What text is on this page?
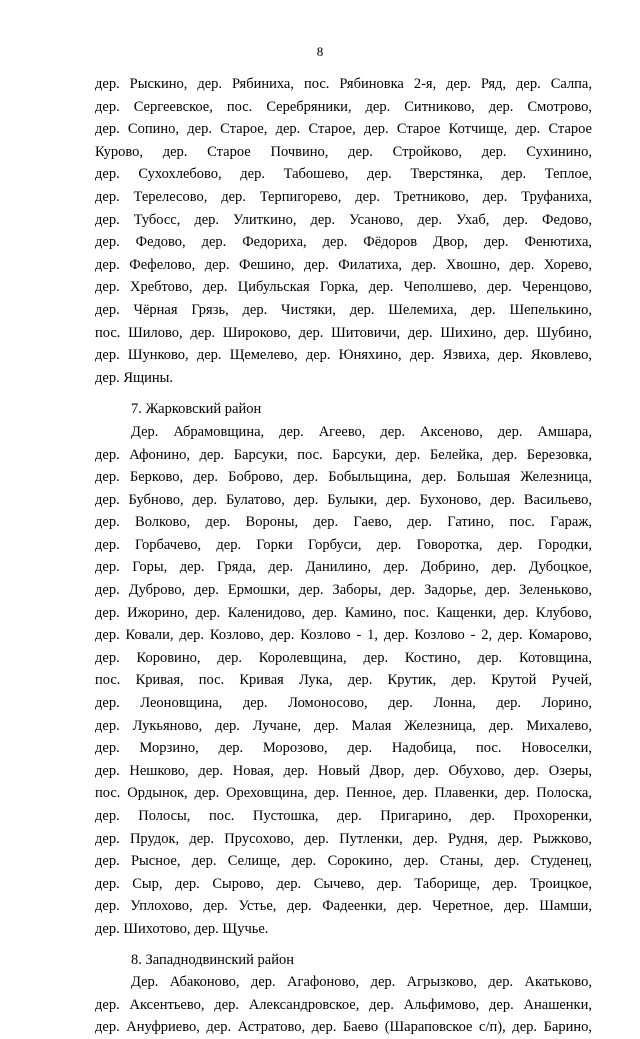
8
дер. Рыскино, дер. Рябиниха, пос. Рябиновка 2-я, дер. Ряд, дер. Салпа,
дер. Сергеевское, пос. Серебряники, дер. Ситниково, дер. Смотрово,
дер. Сопино, дер. Старое, дер. Старое, дер. Старое Котчище, дер. Старое
Курово, дер. Старое Почвино, дер. Стройково, дер. Сухинино,
дер. Сухохлебово, дер. Табошево, дер. Тверстянка, дер. Теплое,
дер. Терелесово, дер. Терпигорево, дер. Третниково, дер. Труфаниха,
дер. Тубосс, дер. Улиткино, дер. Усаново, дер. Ухаб, дер. Федово,
дер. Федово, дер. Федориха, дер. Фёдоров Двор, дер. Фенютиха,
дер. Фефелово, дер. Фешино, дер. Филатиха, дер. Хвошно, дер. Хорево,
дер. Хребтово, дер. Цибульская Горка, дер. Чеполшево, дер. Черенцово,
дер. Чёрная Грязь, дер. Чистяки, дер. Шелемиха, дер. Шепелькино,
пос. Шилово, дер. Широково, дер. Шитовичи, дер. Шихино, дер. Шубино,
дер. Шунково, дер. Щемелево, дер. Юняхино, дер. Язвиха, дер. Яковлево,
дер. Ящины.
7. Жарковский район
Дер. Абрамовщина, дер. Агеево, дер. Аксеново, дер. Амшара,
дер. Афонино, дер. Барсуки, пос. Барсуки, дер. Белейка, дер. Березовка,
дер. Берково, дер. Боброво, дер. Бобыльщина, дер. Большая Железница,
дер. Бубново, дер. Булатово, дер. Булыки, дер. Бухоново, дер. Васильево,
дер. Волково, дер. Вороны, дер. Гаево, дер. Гатино, пос. Гараж,
дер. Горбачево, дер. Горки Горбуси, дер. Говоротка, дер. Городки,
дер. Горы, дер. Гряда, дер. Данилино, дер. Добрино, дер. Дубоцкое,
дер. Дуброво, дер. Ермошки, дер. Заборы, дер. Задорье, дер. Зеленьково,
дер. Ижорино, дер. Каленидово, дер. Камино, пос. Кащенки, дер. Клубово,
дер. Ковали, дер. Козлово, дер. Козлово - 1, дер. Козлово - 2, дер. Комарово,
дер. Коровино, дер. Королевщина, дер. Костино, дер. Котовщина,
пос. Кривая, пос. Кривая Лука, дер. Крутик, дер. Крутой Ручей,
дер. Леоновщина, дер. Ломоносово, дер. Лонна, дер. Лорино,
дер. Лукьяново, дер. Лучане, дер. Малая Железница, дер. Михалево,
дер. Морзино, дер. Морозово, дер. Надобица, пос. Новоселки,
дер. Нешково, дер. Новая, дер. Новый Двор, дер. Обухово, дер. Озеры,
пос. Ордынок, дер. Ореховщина, дер. Пенное, дер. Плавенки, дер. Полоска,
дер. Полосы, пос. Пустошка, дер. Пригарино, дер. Прохоренки,
дер. Прудок, дер. Прусохово, дер. Путленки, дер. Рудня, дер. Рыжково,
дер. Рысное, дер. Селище, дер. Сорокино, дер. Станы, дер. Студенец,
дер. Сыр, дер. Сырово, дер. Сычево, дер. Таборище, дер. Троицкое,
дер. Уплохово, дер. Устье, дер. Фадеенки, дер. Черетное, дер. Шамши,
дер. Шихотово, дер. Щучье.
8. Западнодвинский район
Дер. Абаконово, дер. Агафоново, дер. Агрызково, дер. Акатьково,
дер. Аксентьево, дер. Александровское, дер. Альфимово, дер. Анашенки,
дер. Ануфриево, дер. Астратово, дер. Баево (Шараповское с/п), дер. Барино,
